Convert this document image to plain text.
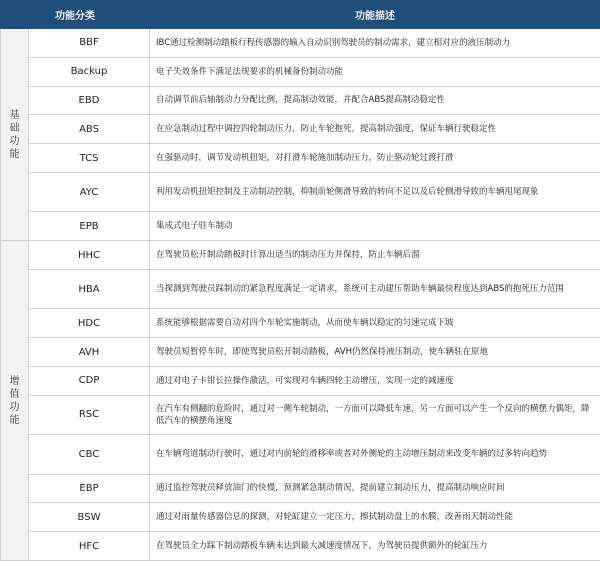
功能分类		功能描述

基础功能	BBF	IBC通过检测制动踏板行程传感器的输入自动识别驾驶员的制动需求，建立相对应的液压制动力
	Backup	电子失效条件下满足法规要求的机械备份制动功能
	EBD	自动调节前后轴制动力分配比例，提高制动效能，并配合ABS提高制动稳定性
	ABS	在应急制动过程中调控四轮制动压力，防止车轮抱死，提高制动强度，保证车辆行驶稳定性
	TCS	在强驱动时，调节发动机扭矩，对打滑车轮施加制动压力，防止驱动轮过渡打滑
	AYC	利用发动机扭矩控制及主动制动控制，抑制前轮侧滑导致的转向不足以及后轮侧滑导致的车辆甩尾现象
	EPB	集成式电子驻车制动

增值功能	HHC	在驾驶员松开制动踏板时计算出适当的制动压力并保持，防止车辆后溜
	HBA	当探测到驾驶员踩制动的紧急程度满足一定请求，系统可主动建压帮助车辆最快程度达到ABS的抱死压力范围
	HDC	系统能够根据需要自动对四个车轮实施制动，从而使车辆以稳定的匀速完成下坡
	AVH	驾驶员短暂停车时，即使驾驶员松开制动踏板，AVH仍然保持液压制动，使车辆驻在原地
	CDP	通过对电子卡钳长拉操作激活，可实现对车辆四轮主动增压，实现一定的减速度
	RSC	在汽车有侧翻的危险时，通过对一侧车轮制动，一方面可以降低车速，另一方面可以产生一个反向的横摆力偶矩，降低汽车的横摆角速度
	CBC	在车辆弯道制动行驶时，通过对内前轮的滑移率或者对外侧轮的主动增压制动来改变车辆的过多转向趋势
	EBP	通过监控驾驶员释放油门的快慢，预测紧急制动情况，提前建立制动压力，提高制动响应时间
	BSW	通过对雨量传感器信息的探测，对轮缸建立一定压力，擦拭制动盘上的水膜，改善雨天制动性能
	HFC	在驾驶员全力踩下制动踏板车辆未达到最大减速度情况下，为驾驶员提供额外的轮缸压力
